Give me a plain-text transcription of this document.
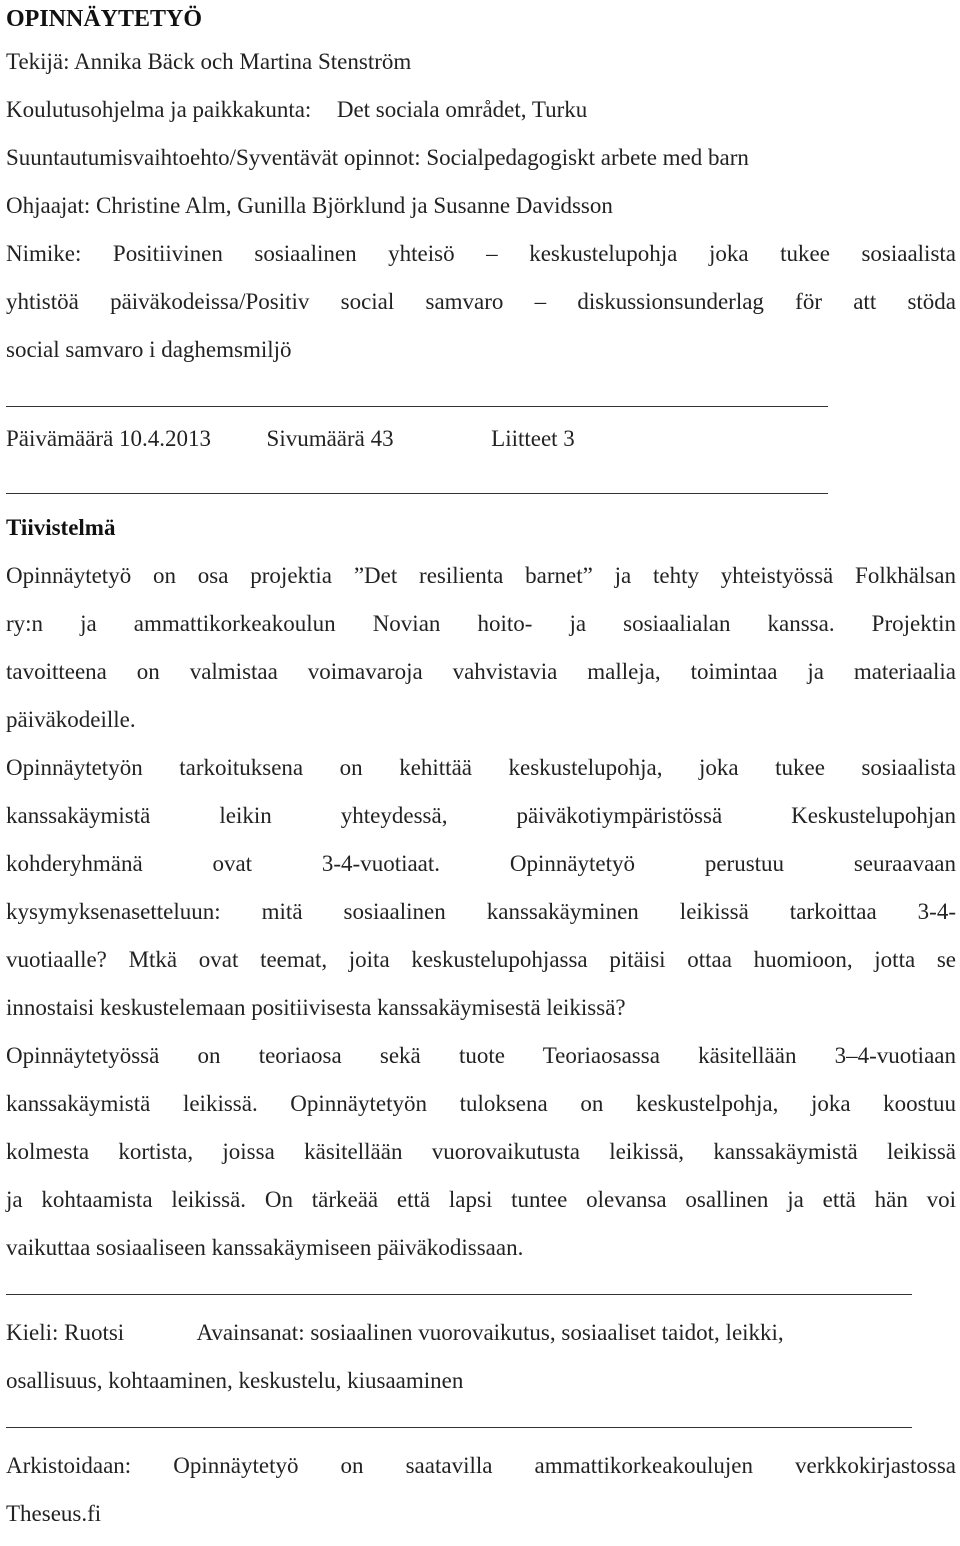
OPINNÄYTETYÖ
Tekijä: Annika Bäck och Martina Stenström
Koulutusohjelma ja paikkakunta: Det sociala området, Turku
Suuntautumisvaihtoehto/Syventävät opinnot: Socialpedagogiskt arbete med barn
Ohjaajat: Christine Alm, Gunilla Björklund ja Susanne Davidsson
Nimike: Positiivinen sosiaalinen yhteisö – keskustelupohja joka tukee sosiaalista
yhtistöä päiväkodeissa/Positiv social samvaro – diskussionsunderlag för att stöda
social samvaro i daghemsmiljö
Päivämäärä 10.4.2013 Sivumäärä 43	Liitteet 3
Tiivistelmä
Opinnäytetyö on osa projektia ”Det resilienta barnet” ja tehty yhteistyössä Folkhälsan
ry:n ja ammattikorkeakoulun Novian hoito- ja sosiaalialan kanssa. Projektin
tavoitteena on valmistaa voimavaroja vahvistavia malleja, toimintaa ja materiaalia
päiväkodeille.
Opinnäytetyön tarkoituksena on kehittää keskustelupohja, joka tukee sosiaalista
kanssakäymistä leikin yhteydessä, päiväkotiympäristössä Keskustelupohjan
kohderyhmänä ovat 3-4-vuotiaat. Opinnäytetyö perustuu seuraavaan
kysymyksenasetteluun: mitä sosiaalinen kanssakäyminen leikissä tarkoittaa 3-4-
vuotiaalle? Mtkä ovat teemat, joita keskustelupohjassa pitäisi ottaa huomioon, jotta se
innostaisi keskustelemaan positiivisesta kanssakäymisestä leikissä?
Opinnäytetyössä on teoriaosa sekä tuote Teoriaosassa käsitellään 3–4-vuotiaan
kanssakäymistä leikissä. Opinnäytetyön tuloksena on keskustelpohja, joka koostuu
kolmesta kortista, joissa käsitellään vuorovaikutusta leikissä, kanssakäymistä leikissä
ja kohtaamista leikissä. On tärkeää että lapsi tuntee olevansa osallinen ja että hän voi
vaikuttaa sosiaaliseen kanssakäymiseen päiväkodissaan.
Kieli: Ruotsi	Avainsanat: sosiaalinen vuorovaikutus, sosiaaliset taidot, leikki,
osallisuus, kohtaaminen, keskustelu, kiusaaminen
Arkistoidaan: Opinnäytetyö on saatavilla ammattikorkeakoulujen verkkokirjastossa
Theseus.fi
